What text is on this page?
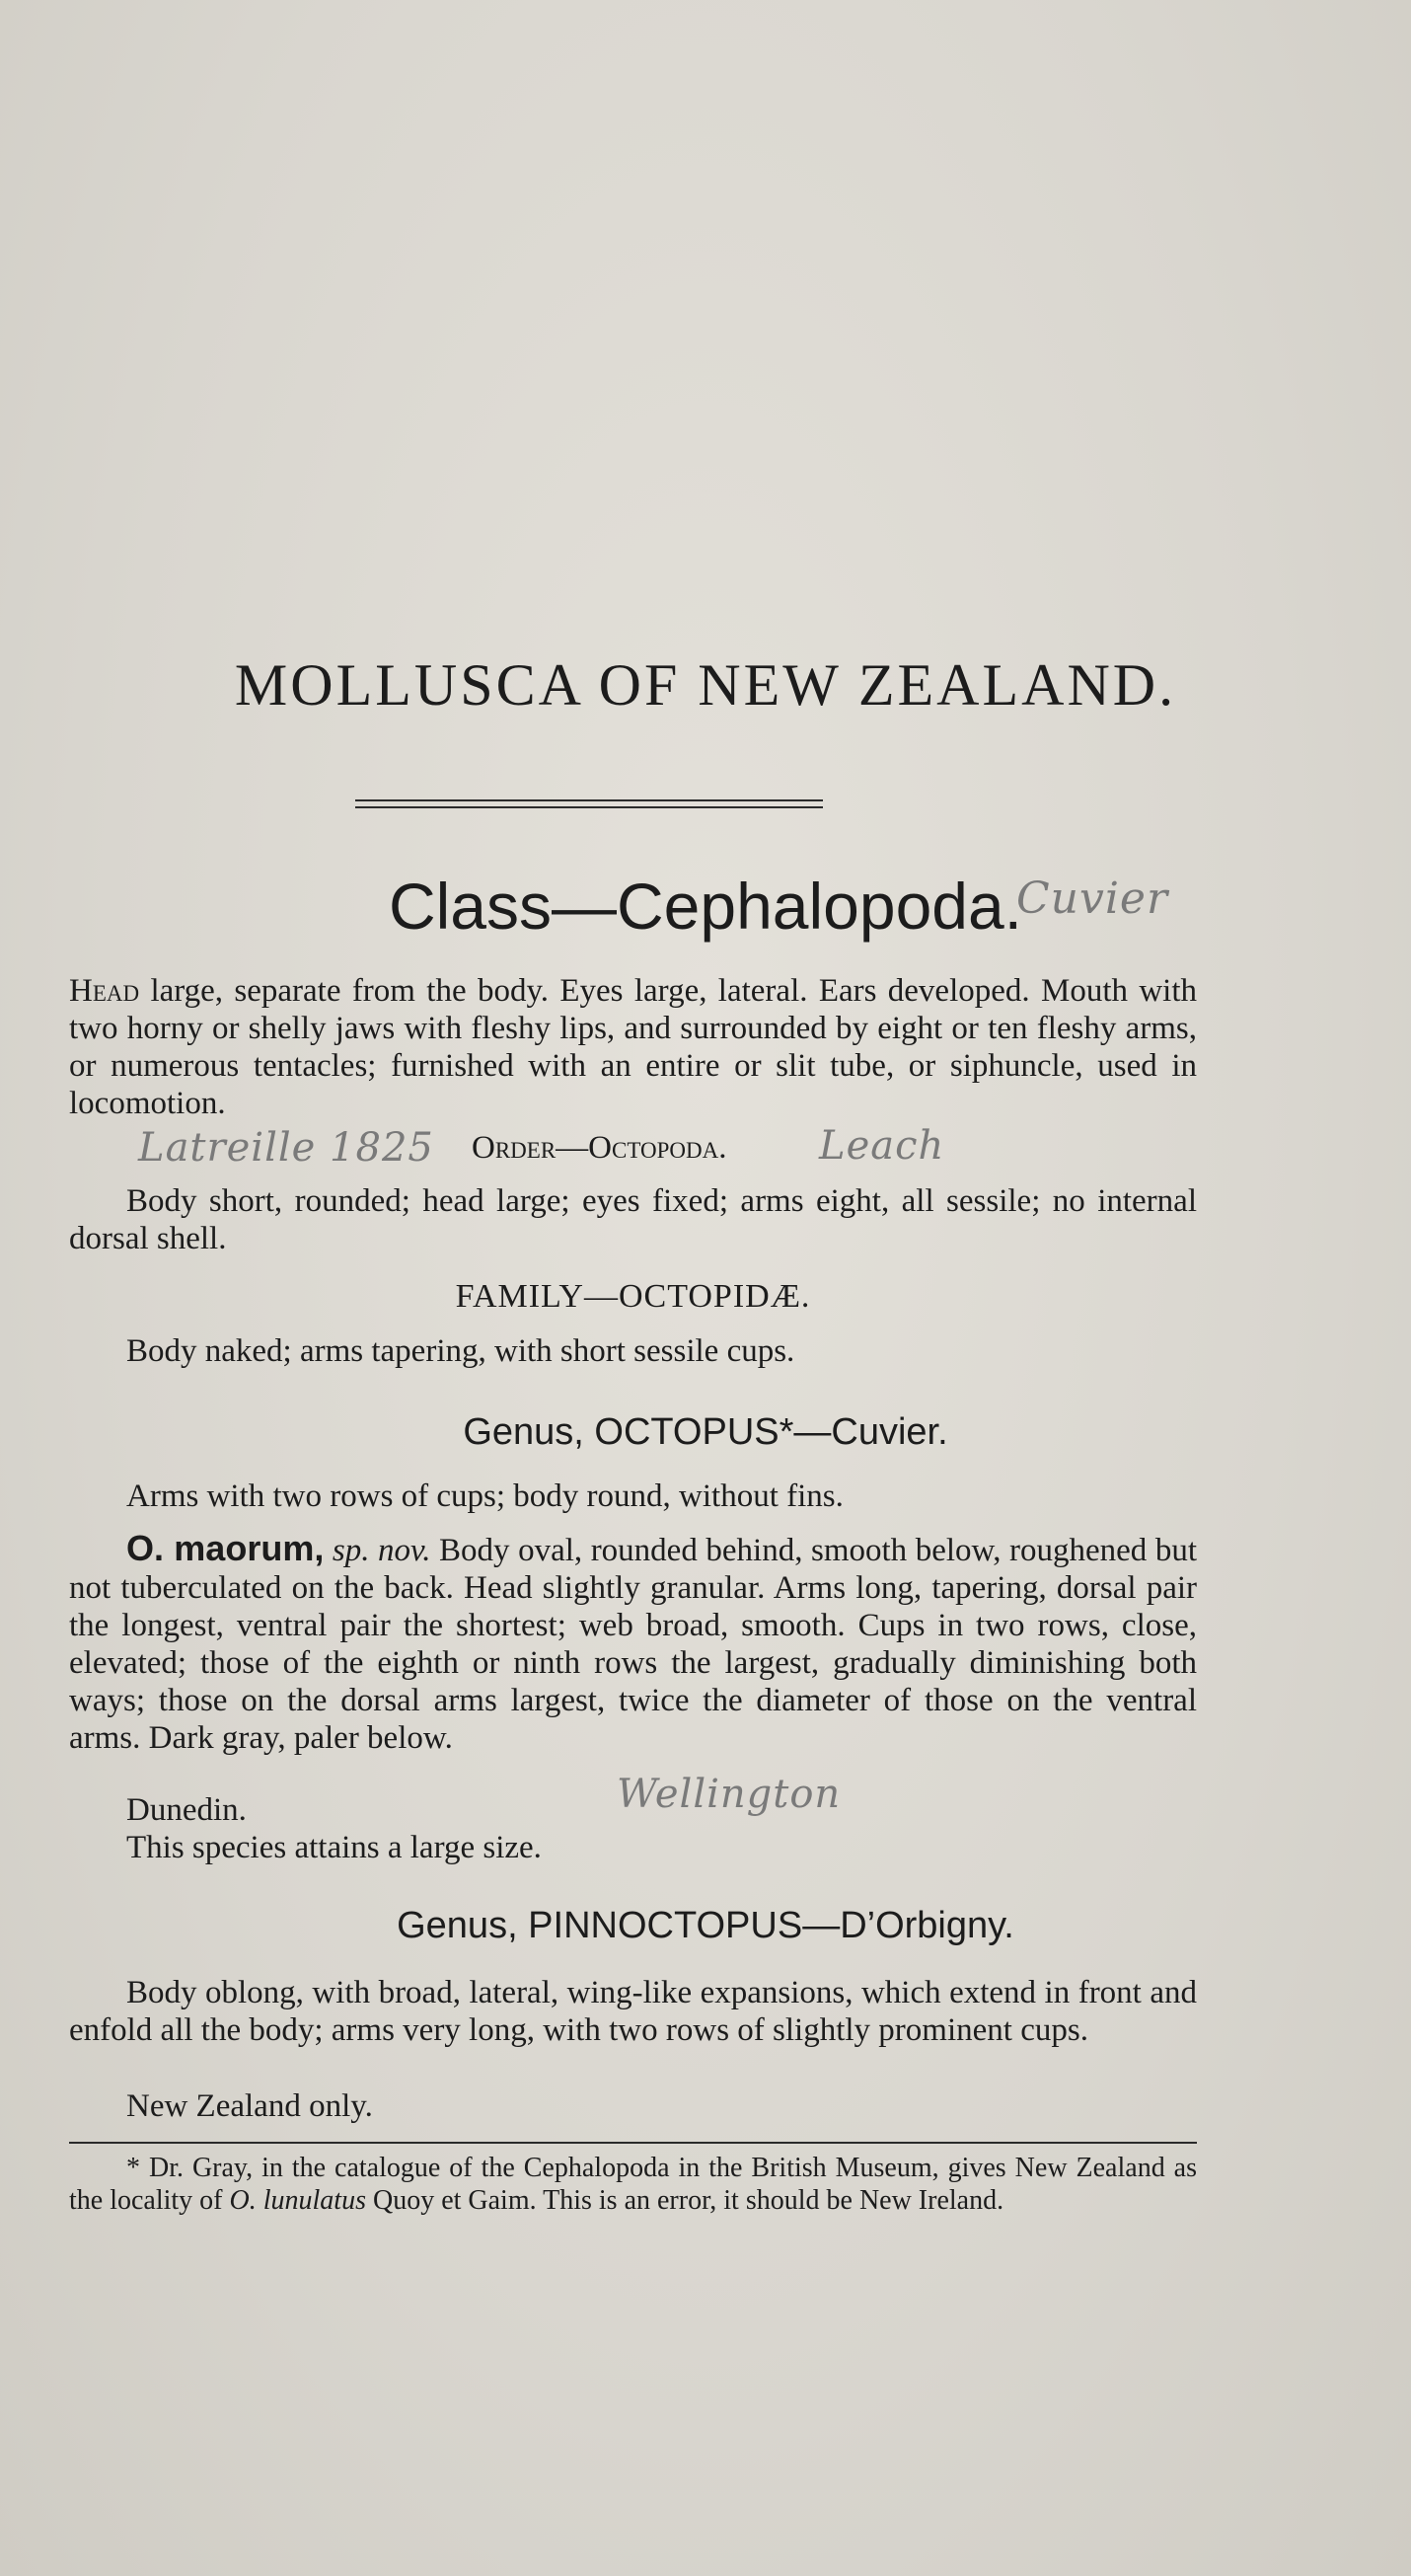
MOLLUSCA OF NEW ZEALAND.
Class—Cephalopoda.
Cuvier

Head large, separate from the body. Eyes large, lateral. Ears developed. Mouth with two horny or shelly jaws with fleshy lips, and surrounded by eight or ten fleshy arms, or numerous tentacles; furnished with an entire or slit tube, or siphuncle, used in locomotion.

Latreille 1825 Order—Octopoda. Leach

Body short, rounded; head large; eyes fixed; arms eight, all sessile; no internal dorsal shell.

FAMILY—OCTOPIDÆ.

Body naked; arms tapering, with short sessile cups.

Genus, OCTOPUS*—Cuvier.

Arms with two rows of cups; body round, without fins.

O. maorum, sp. nov. Body oval, rounded behind, smooth below, roughened but not tuberculated on the back. Head slightly granular. Arms long, tapering, dorsal pair the longest, ventral pair the shortest; web broad, smooth. Cups in two rows, close, elevated; those of the eighth or ninth rows the largest, gradually diminishing both ways; those on the dorsal arms largest, twice the diameter of those on the ventral arms. Dark gray, paler below.

Dunedin.	Wellington

This species attains a large size.

Genus, PINNOCTOPUS—D’Orbigny.

Body oblong, with broad, lateral, wing-like expansions, which extend in front and enfold all the body; arms very long, with two rows of slightly prominent cups.

New Zealand only.

* Dr. Gray, in the catalogue of the Cephalopoda in the British Museum, gives New Zealand as the locality of O. lunulatus Quoy et Gaim. This is an error, it should be New Ireland.
